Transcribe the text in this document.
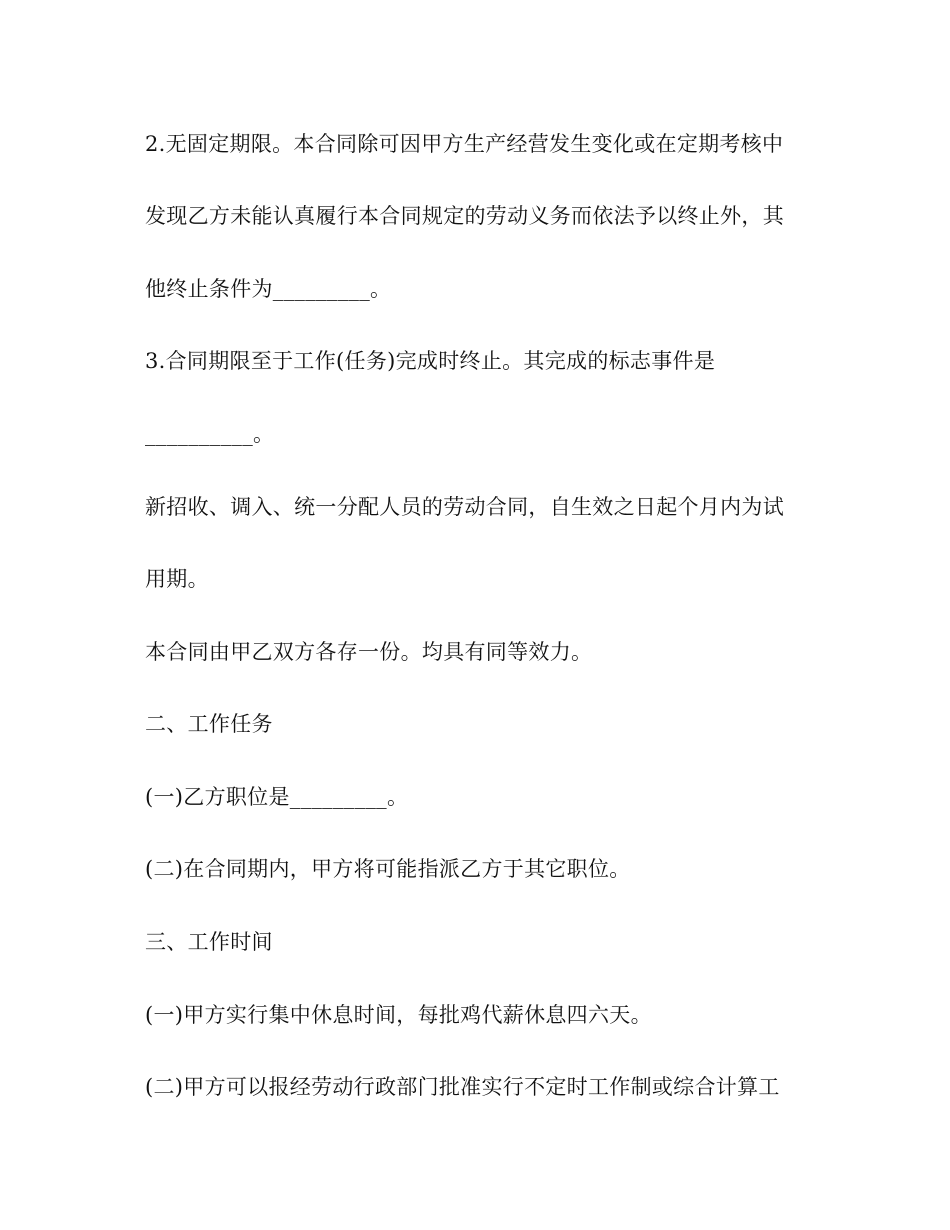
2.无固定期限。本合同除可因甲方生产经营发生变化或在定期考核中

发现乙方未能认真履行本合同规定的劳动义务而依法予以终止外，其

他终止条件为_________。

3.合同期限至于工作(任务)完成时终止。其完成的标志事件是

__________。

新招收、调入、统一分配人员的劳动合同，自生效之日起个月内为试

用期。

本合同由甲乙双方各存一份。均具有同等效力。

二、工作任务

(一)乙方职位是_________。

(二)在合同期内，甲方将可能指派乙方于其它职位。

三、工作时间

(一)甲方实行集中休息时间，每批鸡代薪休息四六天。

(二)甲方可以报经劳动行政部门批准实行不定时工作制或综合计算工
